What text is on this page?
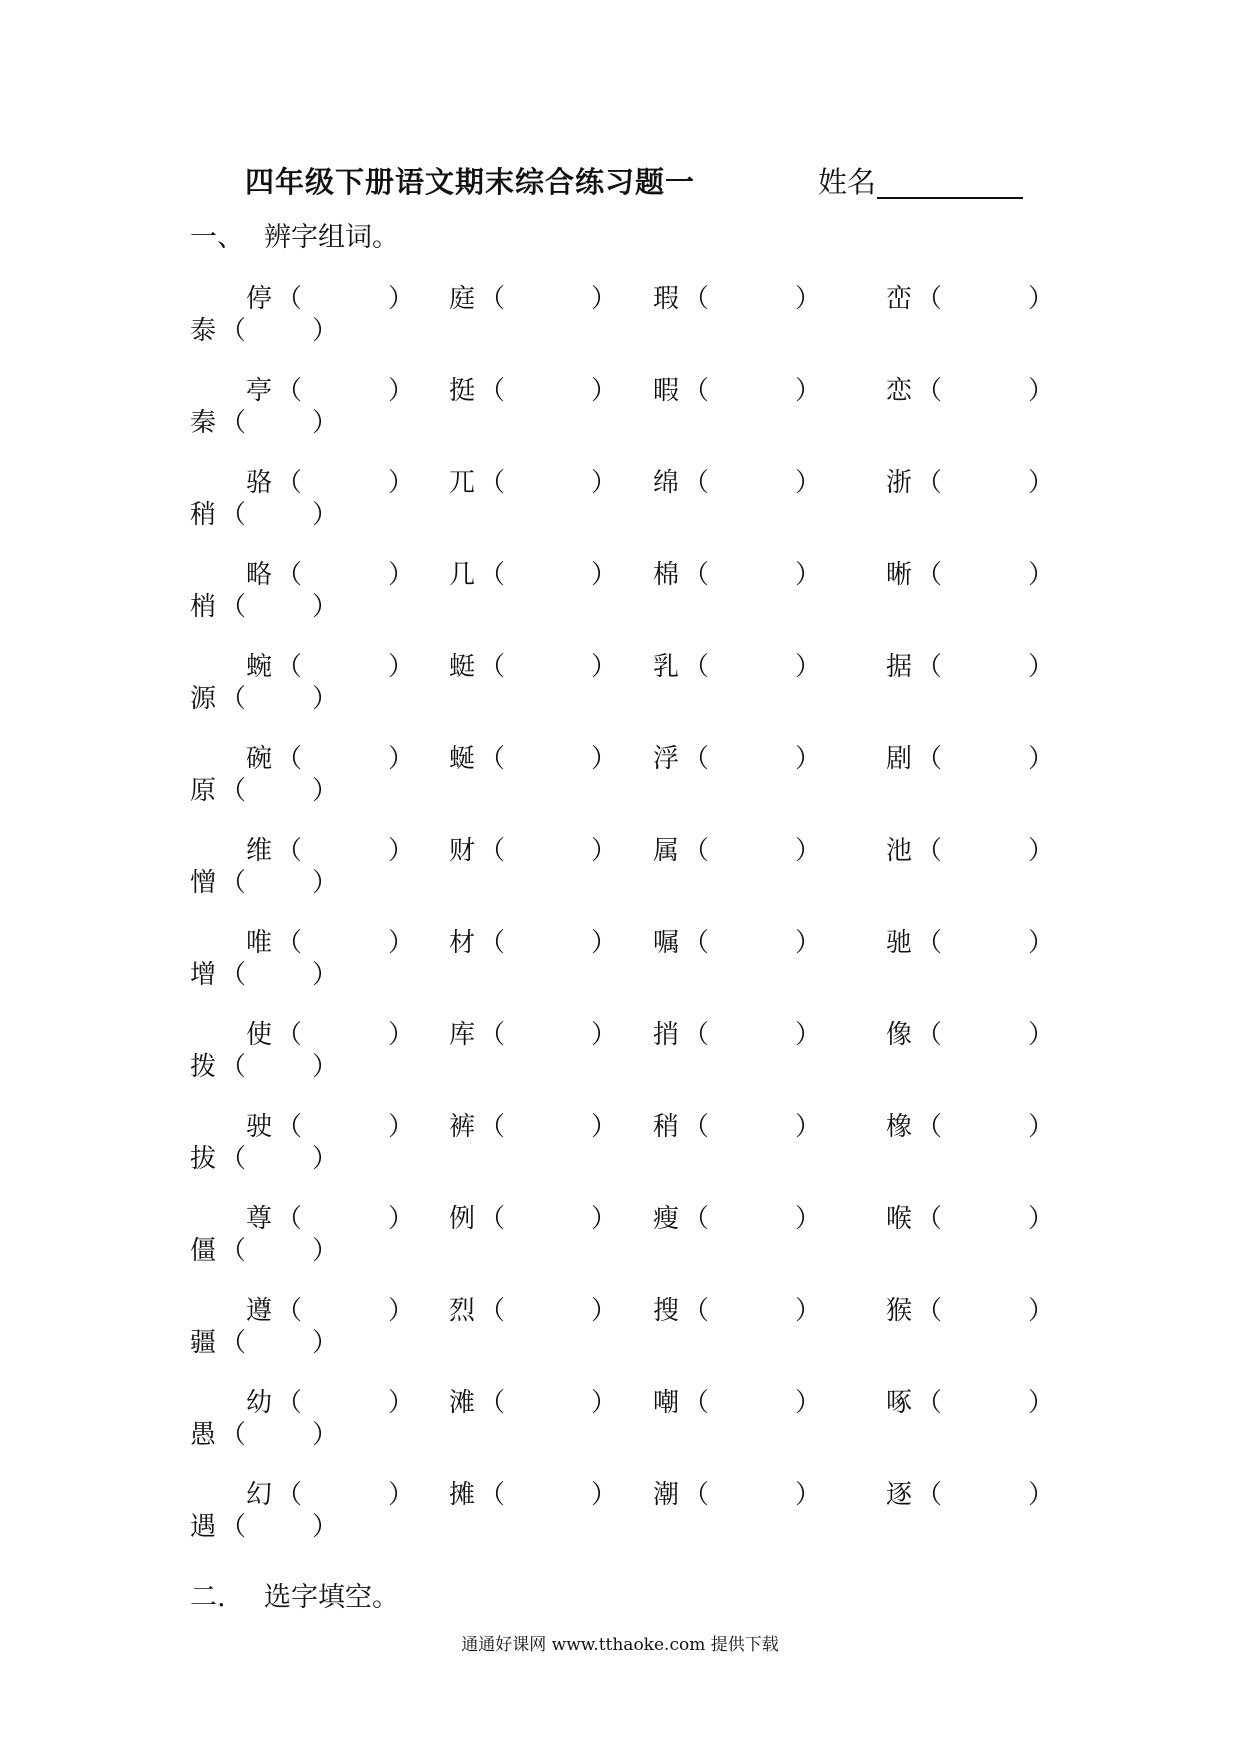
四年级下册语文期末综合练习题一	姓名
一、 辨字组词。
停 （	） 庭 （	） 瑕 （	） 峦 （	）
泰 （	）
亭 （	） 挺 （	） 暇 （	） 恋 （	）
秦 （	）
骆 （	） 兀 （	） 绵 （	） 浙 （	）
稍 （	）
略 （	） 几 （	） 棉 （	） 晰 （	）
梢 （	）
蜿 （	） 蜓 （	） 乳 （	） 据 （	）
源 （	）
碗 （	） 蜒 （	） 浮 （	） 剧 （	）
原 （	）
维 （	） 财 （	） 属 （	） 池 （	）
憎 （	）
唯 （	） 材 （	） 嘱 （	） 驰 （	）
增 （	）
使 （	） 库 （	） 捎 （	） 像 （	）
拨 （	）
驶 （	） 裤 （	） 稍 （	） 橡 （	）
拔 （	）
尊 （	） 例 （	） 瘦 （	） 喉 （	）
僵 （	）
遵 （	） 烈 （	） 搜 （	） 猴 （	）
疆 （	）
幼 （	） 滩 （	） 嘲 （	） 啄 （	）
愚 （	）
幻 （	） 摊 （	） 潮 （	） 逐 （	）
遇 （	）
二. 选字填空。
通通好课网 www.tthaoke.com 提供下载
